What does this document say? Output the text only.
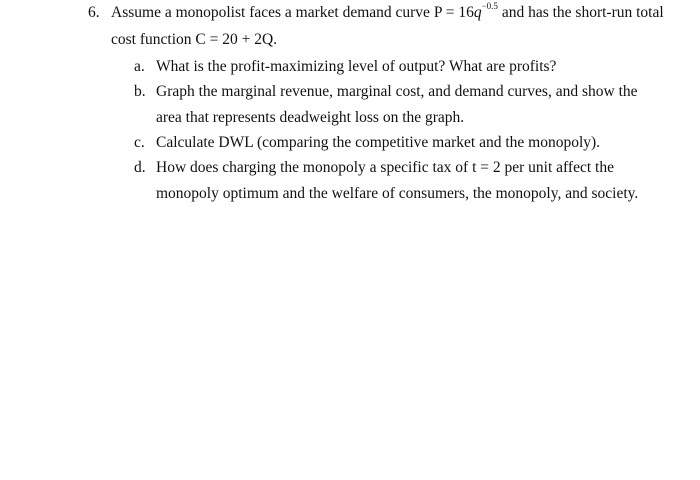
6. Assume a monopolist faces a market demand curve $P = 16q^{-0.5}$ and has the short-run total
cost function C = 20 + 2Q.
a. What is the profit-maximizing level of output? What are profits?
b. Graph the marginal revenue, marginal cost, and demand curves, and show the
area that represents deadweight loss on the graph.
c. Calculate DWL (comparing the competitive market and the monopoly).
d. How does charging the monopoly a specific tax of t = 2 per unit affect the
monopoly optimum and the welfare of consumers, the monopoly, and society.
